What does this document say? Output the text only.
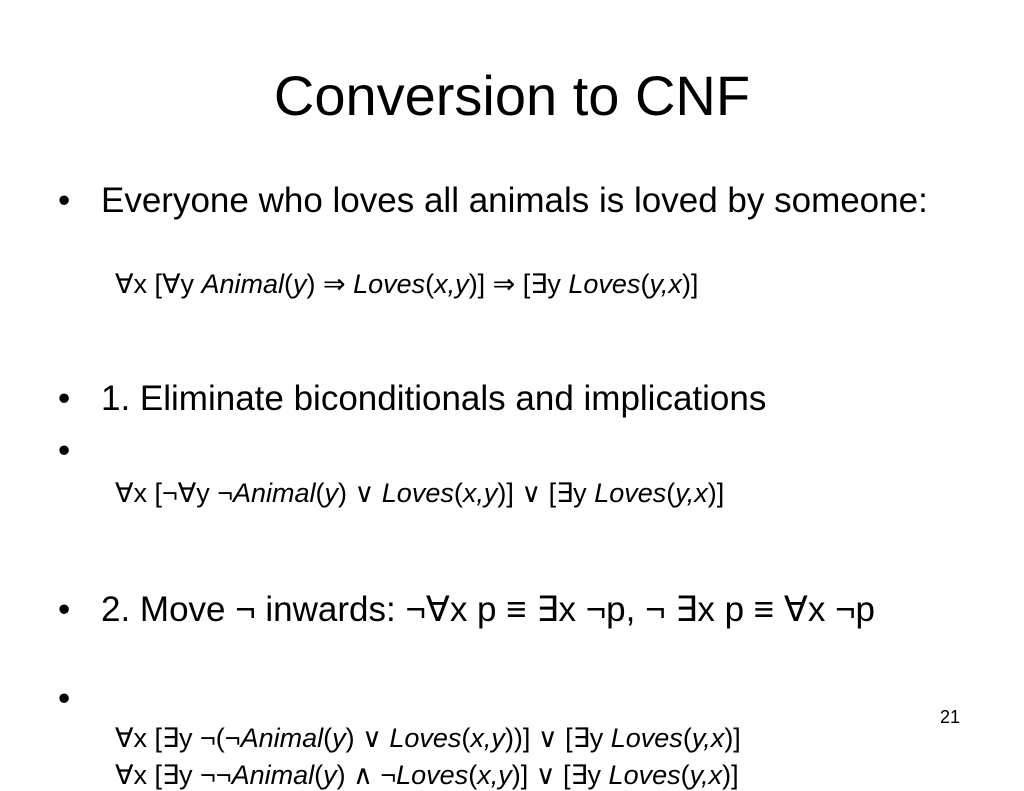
Conversion to CNF
• Everyone who loves all animals is loved by someone:
∀x [∀y Animal(y) ⇒ Loves(x,y)] ⇒ [∃y Loves(y,x)]
• 1. Eliminate biconditionals and implications
•
∀x [¬∀y ¬Animal(y) ∨ Loves(x,y)] ∨ [∃y Loves(y,x)]
• 2. Move ¬ inwards: ¬∀x p ≡ ∃x ¬p, ¬ ∃x p ≡ ∀x ¬p
•
∀x [∃y ¬(¬Animal(y) ∨ Loves(x,y))] ∨ [∃y Loves(y,x)]
∀x [∃y ¬¬Animal(y) ∧ ¬Loves(x,y)] ∨ [∃y Loves(y,x)]
21
